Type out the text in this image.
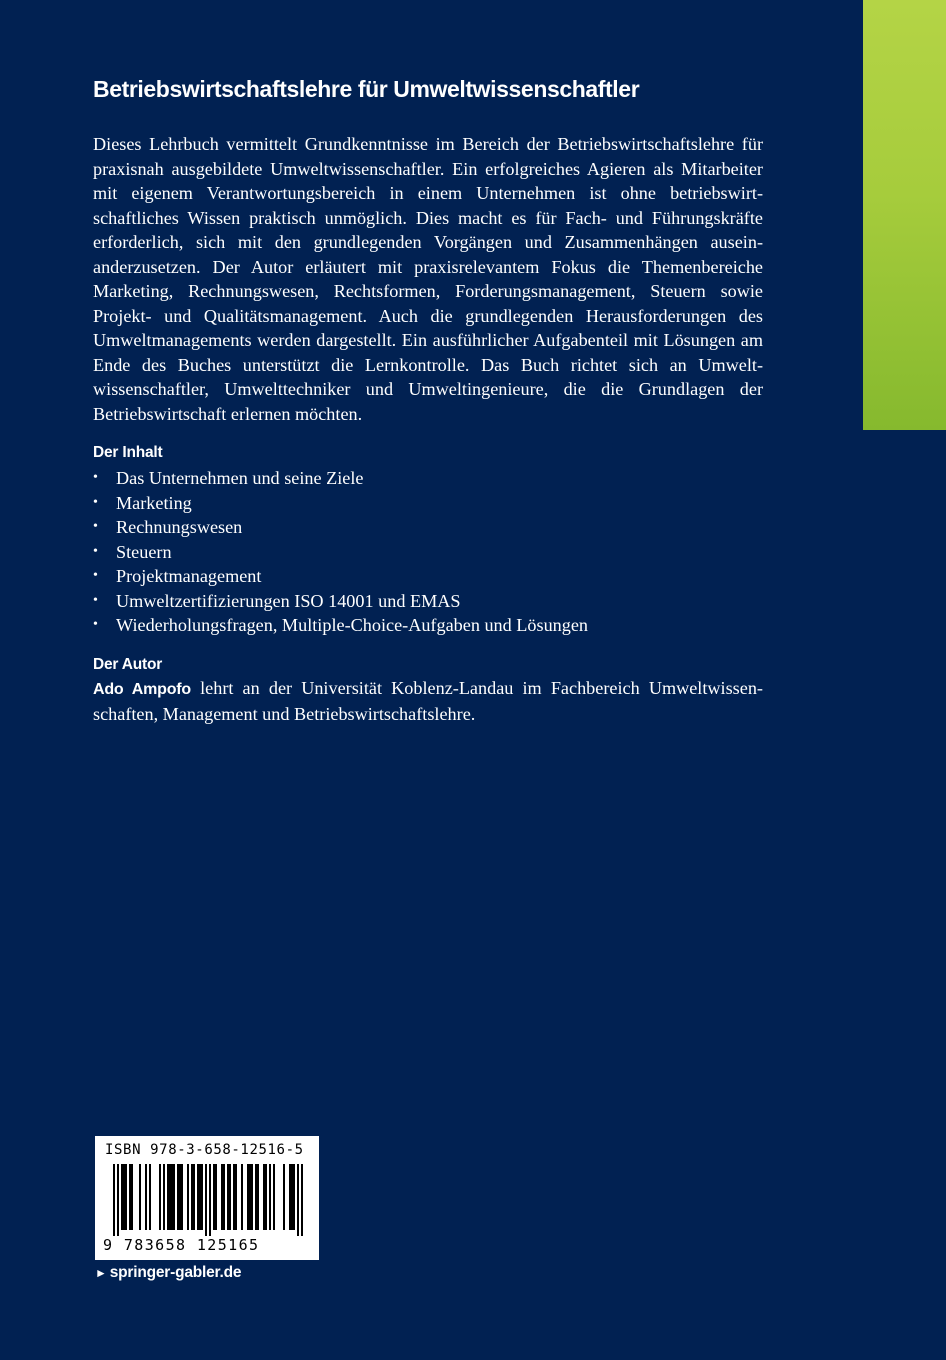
Betriebswirtschaftslehre für Umweltwissenschaftler

Dieses Lehrbuch vermittelt Grundkenntnisse im Bereich der Betriebswirtschaftslehre für praxisnah ausgebildete Umweltwissenschaftler. Ein erfolgreiches Agieren als Mitarbeiter mit eigenem Verantwortungsbereich in einem Unternehmen ist ohne betriebswirtschaftliches Wissen praktisch unmöglich. Dies macht es für Fach- und Führungskräfte erforderlich, sich mit den grundlegenden Vorgängen und Zusammenhängen auseinanderzusetzen. Der Autor erläutert mit praxisrelevantem Fokus die Themenbereiche Marketing, Rechnungswesen, Rechtsformen, Forderungsmanagement, Steuern sowie Projekt- und Qualitätsmanagement. Auch die grundlegenden Herausforderungen des Umweltmanagements werden dargestellt. Ein ausführlicher Aufgabenteil mit Lösungen am Ende des Buches unterstützt die Lernkontrolle. Das Buch richtet sich an Umweltwissenschaftler, Umwelttechniker und Umweltingenieure, die die Grundlagen der Betriebswirtschaft erlernen möchten.

Der Inhalt
• Das Unternehmen und seine Ziele
• Marketing
• Rechnungswesen
• Steuern
• Projektmanagement
• Umweltzertifizierungen ISO 14001 und EMAS
• Wiederholungsfragen, Multiple-Choice-Aufgaben und Lösungen
Der Autor

Ado Ampofo lehrt an der Universität Koblenz-Landau im Fachbereich Umweltwissenschaften, Management und Betriebswirtschaftslehre.

ISBN 978-3-658-12516-5
9 783658 125165
► springer-gabler.de
